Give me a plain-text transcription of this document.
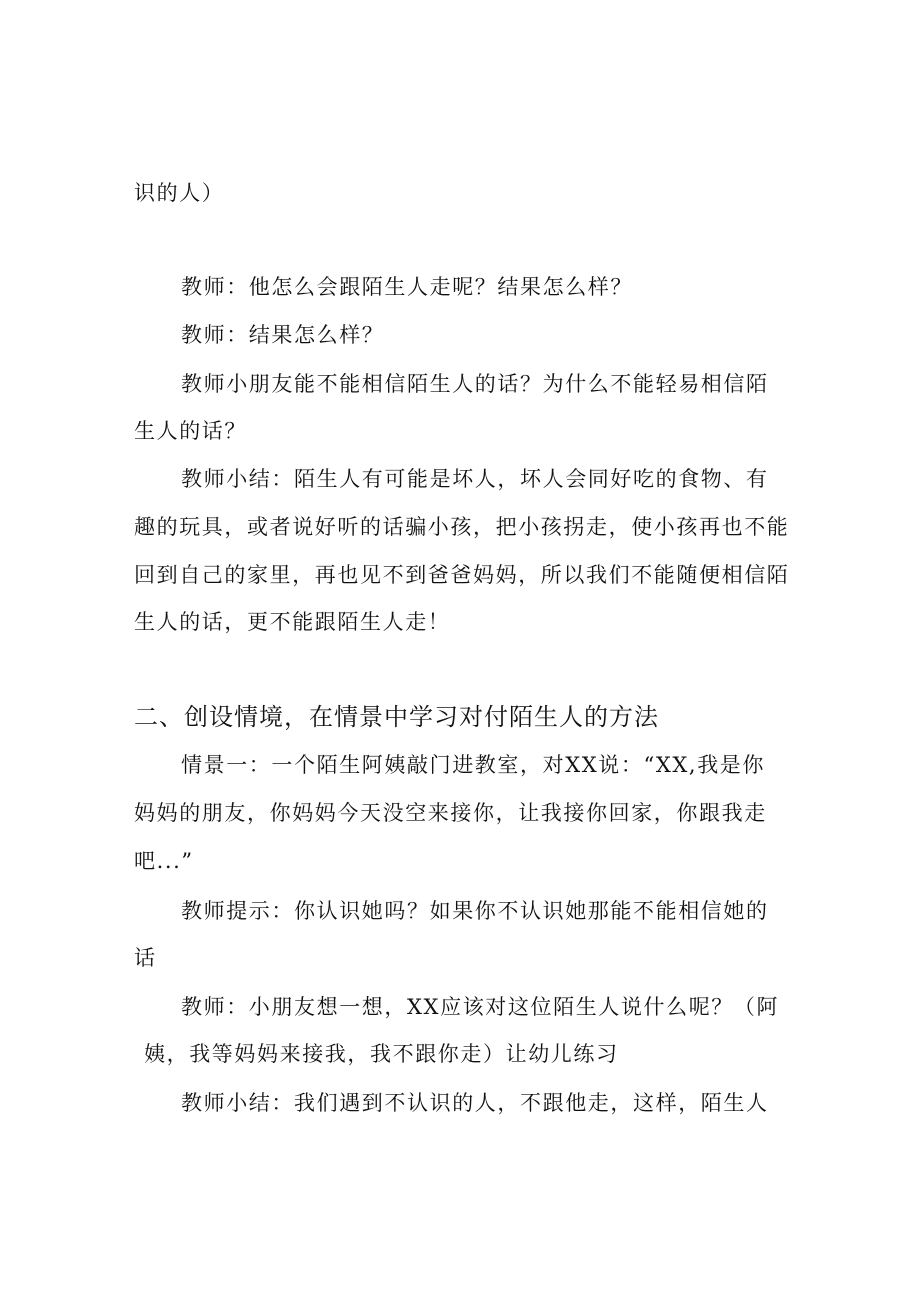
识的人）
教师：他怎么会跟陌生人走呢？结果怎么样？
教师：结果怎么样？
教师小朋友能不能相信陌生人的话？为什么不能轻易相信陌
生人的话？
教师小结：陌生人有可能是坏人，坏人会同好吃的食物、有
趣的玩具，或者说好听的话骗小孩，把小孩拐走，使小孩再也不能
回到自己的家里，再也见不到爸爸妈妈，所以我们不能随便相信陌
生人的话，更不能跟陌生人走！
二、创设情境，在情景中学习对付陌生人的方法
情景一：一个陌生阿姨敲门进教室，对XX说：“XX,我是你
妈妈的朋友，你妈妈今天没空来接你，让我接你回家，你跟我走
吧...”
教师提示：你认识她吗？如果你不认识她那能不能相信她的
话
教师：小朋友想一想，XX应该对这位陌生人说什么呢？（阿
姨，我等妈妈来接我，我不跟你走）让幼儿练习
教师小结：我们遇到不认识的人，不跟他走，这样，陌生人
